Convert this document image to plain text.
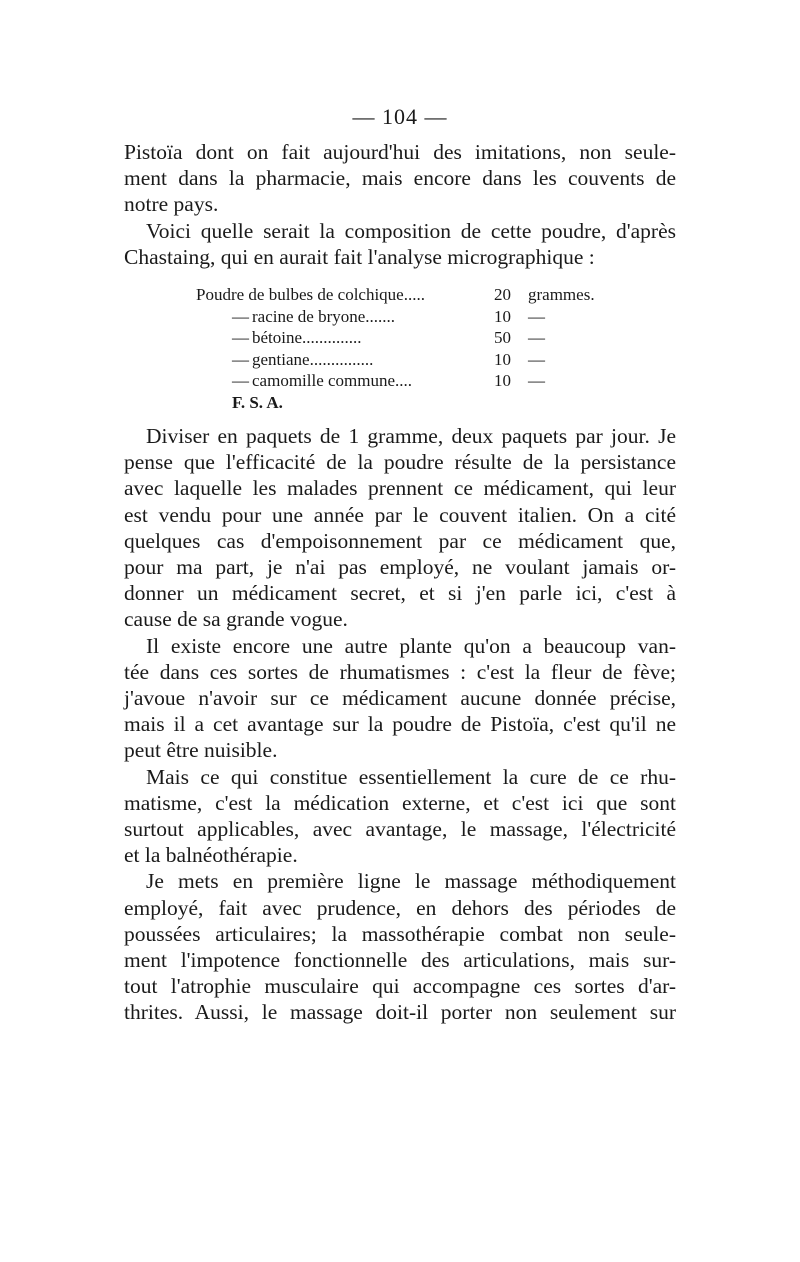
— 104 —

Pistoïa dont on fait aujourd'hui des imitations, non seule-

ment dans la pharmacie, mais encore dans les couvents de

notre pays.

Voici quelle serait la composition de cette poudre, d'après

Chastaing, qui en aurait fait l'analyse micrographique :

Poudre de bulbes de colchique.....	20	grammes.
— racine de bryone.......	10	—
— bétoine..............	50	—
— gentiane...............	10	—
— camomille commune....	10	—
F. S. A.

Diviser en paquets de 1 gramme, deux paquets par jour. Je

pense que l'efficacité de la poudre résulte de la persistance

avec laquelle les malades prennent ce médicament, qui leur

est vendu pour une année par le couvent italien. On a cité

quelques cas d'empoisonnement par ce médicament que,

pour ma part, je n'ai pas employé, ne voulant jamais or-

donner un médicament secret, et si j'en parle ici, c'est à

cause de sa grande vogue.

Il existe encore une autre plante qu'on a beaucoup van-

tée dans ces sortes de rhumatismes : c'est la fleur de fève;

j'avoue n'avoir sur ce médicament aucune donnée précise,

mais il a cet avantage sur la poudre de Pistoïa, c'est qu'il ne

peut être nuisible.

Mais ce qui constitue essentiellement la cure de ce rhu-

matisme, c'est la médication externe, et c'est ici que sont

surtout applicables, avec avantage, le massage, l'électricité

et la balnéothérapie.

Je mets en première ligne le massage méthodiquement

employé, fait avec prudence, en dehors des périodes de

poussées articulaires; la massothérapie combat non seule-

ment l'impotence fonctionnelle des articulations, mais sur-

tout l'atrophie musculaire qui accompagne ces sortes d'ar-

thrites. Aussi, le massage doit-il porter non seulement sur
